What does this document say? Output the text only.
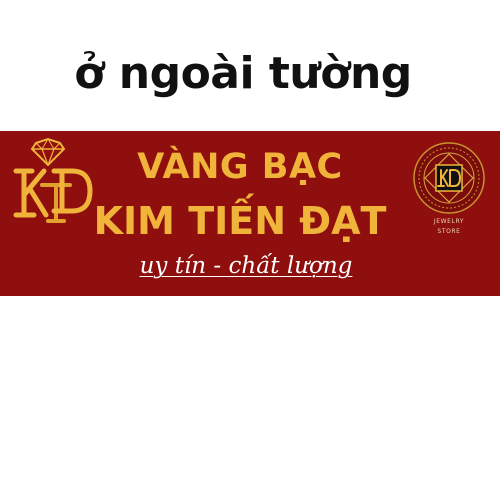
ở ngoài tường
VÀNG BẠC
KIM TIẾN ĐẠT
uy tín - chất lượng
JEWELRY
STORE
